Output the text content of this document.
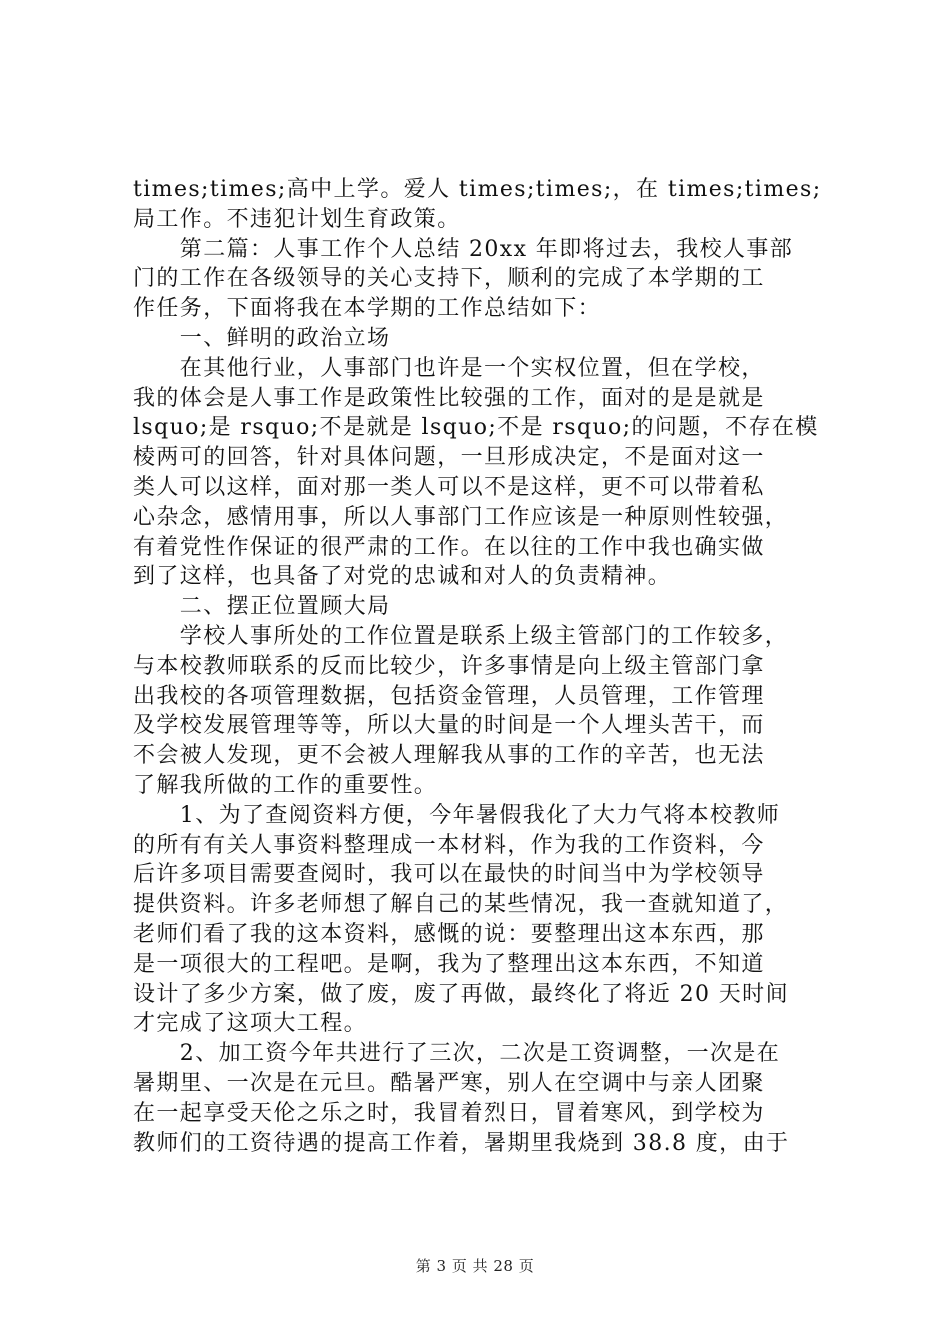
times;times;高中上学。爱人 times;times;，在 times;times;
局工作。不违犯计划生育政策。
　　第二篇：人事工作个人总结 20xx 年即将过去，我校人事部
门的工作在各级领导的关心支持下，顺利的完成了本学期的工
作任务，下面将我在本学期的工作总结如下：
　　一、鲜明的政治立场
　　在其他行业，人事部门也许是一个实权位置，但在学校，
我的体会是人事工作是政策性比较强的工作，面对的是是就是
lsquo;是 rsquo;不是就是 lsquo;不是 rsquo;的问题，不存在模
棱两可的回答，针对具体问题，一旦形成决定，不是面对这一
类人可以这样，面对那一类人可以不是这样，更不可以带着私
心杂念，感情用事，所以人事部门工作应该是一种原则性较强，
有着党性作保证的很严肃的工作。在以往的工作中我也确实做
到了这样，也具备了对党的忠诚和对人的负责精神。
　　二、摆正位置顾大局
　　学校人事所处的工作位置是联系上级主管部门的工作较多，
与本校教师联系的反而比较少，许多事情是向上级主管部门拿
出我校的各项管理数据，包括资金管理，人员管理，工作管理
及学校发展管理等等，所以大量的时间是一个人埋头苦干，而
不会被人发现，更不会被人理解我从事的工作的辛苦，也无法
了解我所做的工作的重要性。
　　1、为了查阅资料方便，今年暑假我化了大力气将本校教师
的所有有关人事资料整理成一本材料，作为我的工作资料，今
后许多项目需要查阅时，我可以在最快的时间当中为学校领导
提供资料。许多老师想了解自己的某些情况，我一查就知道了，
老师们看了我的这本资料，感慨的说：要整理出这本东西，那
是一项很大的工程吧。是啊，我为了整理出这本东西，不知道
设计了多少方案，做了废，废了再做，最终化了将近 20 天时间
才完成了这项大工程。
　　2、加工资今年共进行了三次，二次是工资调整，一次是在
暑期里、一次是在元旦。酷暑严寒，别人在空调中与亲人团聚
在一起享受天伦之乐之时，我冒着烈日，冒着寒风，到学校为
教师们的工资待遇的提高工作着，暑期里我烧到 38.8 度，由于
第 3 页 共 28 页
